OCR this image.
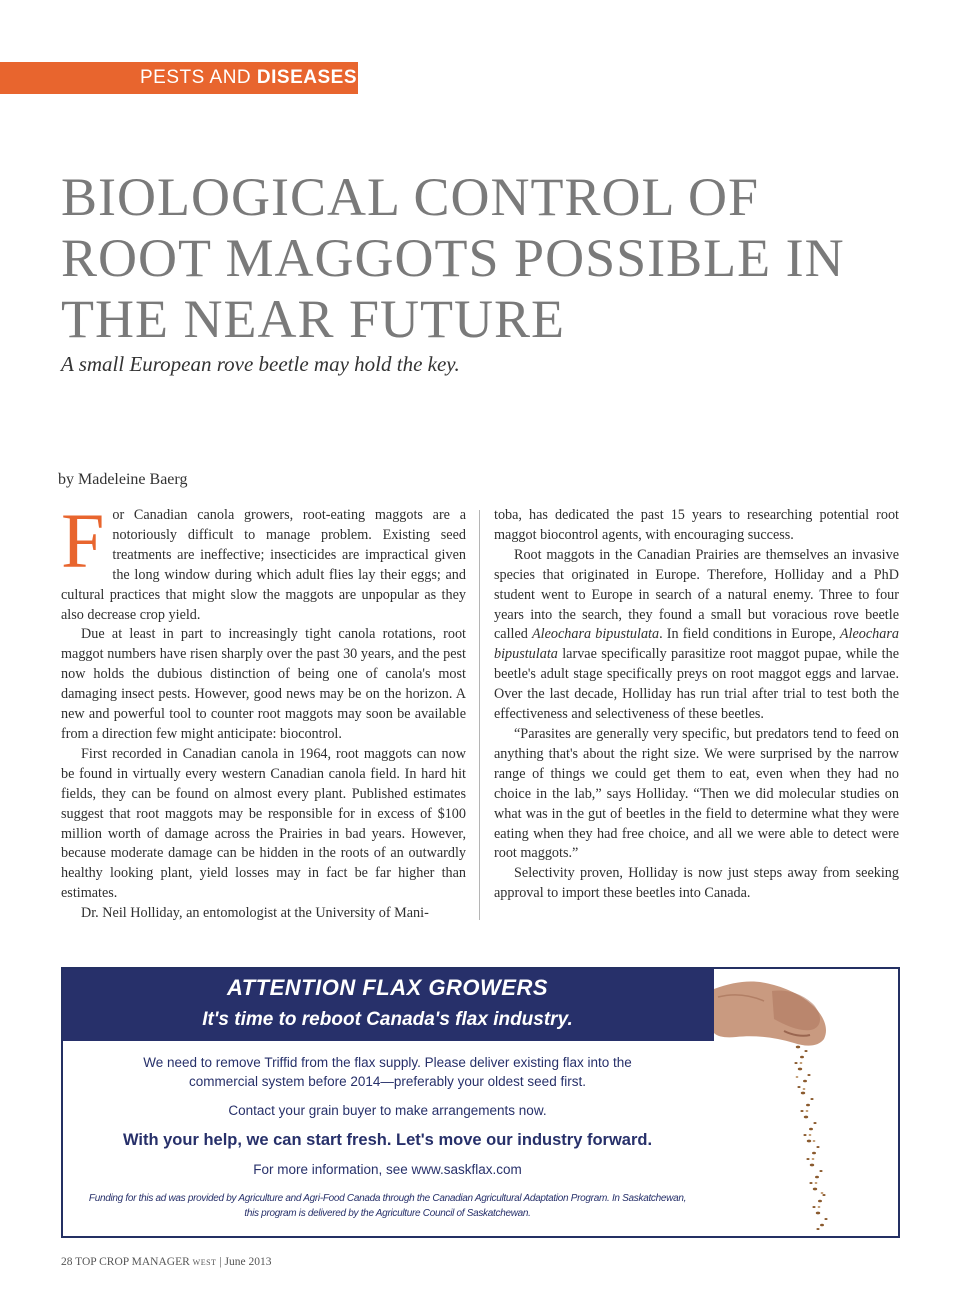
PESTS AND DISEASES
BIOLOGICAL CONTROL OF ROOT MAGGOTS POSSIBLE IN THE NEAR FUTURE
A small European rove beetle may hold the key.
by Madeleine Baerg

For Canadian canola growers, root-eating maggots are a notoriously difficult to manage problem. Existing seed treatments are ineffective; insecticides are impractical given the long window during which adult flies lay their eggs; and cultural practices that might slow the maggots are unpopular as they also decrease crop yield.

Due at least in part to increasingly tight canola rotations, root maggot numbers have risen sharply over the past 30 years, and the pest now holds the dubious distinction of being one of canola's most damaging insect pests. However, good news may be on the horizon. A new and powerful tool to counter root maggots may soon be available from a direction few might anticipate: biocontrol.

First recorded in Canadian canola in 1964, root maggots can now be found in virtually every western Canadian canola field. In hard hit fields, they can be found on almost every plant. Published estimates suggest that root maggots may be responsible for in excess of $100 million worth of damage across the Prairies in bad years. However, because moderate damage can be hidden in the roots of an outwardly healthy looking plant, yield losses may in fact be far higher than estimates.

Dr. Neil Holliday, an entomologist at the University of Mani-

toba, has dedicated the past 15 years to researching potential root maggot biocontrol agents, with encouraging success.

Root maggots in the Canadian Prairies are themselves an invasive species that originated in Europe. Therefore, Holliday and a PhD student went to Europe in search of a natural enemy. Three to four years into the search, they found a small but voracious rove beetle called Aleochara bipustulata. In field conditions in Europe, Aleochara bipustulata larvae specifically parasitize root maggot pupae, while the beetle's adult stage specifically preys on root maggot eggs and larvae. Over the last decade, Holliday has run trial after trial to test both the effectiveness and selectiveness of these beetles.

“Parasites are generally very specific, but predators tend to feed on anything that's about the right size. We were surprised by the narrow range of things we could get them to eat, even when they had no choice in the lab,” says Holliday. “Then we did molecular studies on what was in the gut of beetles in the field to determine what they were eating when they had free choice, and all we were able to detect were root maggots.”

Selectivity proven, Holliday is now just steps away from seeking approval to import these beetles into Canada.

ATTENTION FLAX GROWERS
It's time to reboot Canada's flax industry.
We need to remove Triffid from the flax supply. Please deliver existing flax into the
commercial system before 2014—preferably your oldest seed first.
Contact your grain buyer to make arrangements now.
With your help, we can start fresh. Let's move our industry forward.
For more information, see www.saskflax.com
Funding for this ad was provided by Agriculture and Agri-Food Canada through the Canadian Agricultural Adaptation Program. In Saskatchewan,
this program is delivered by the Agriculture Council of Saskatchewan.
28 TOP CROP MANAGER WEST | June 2013
